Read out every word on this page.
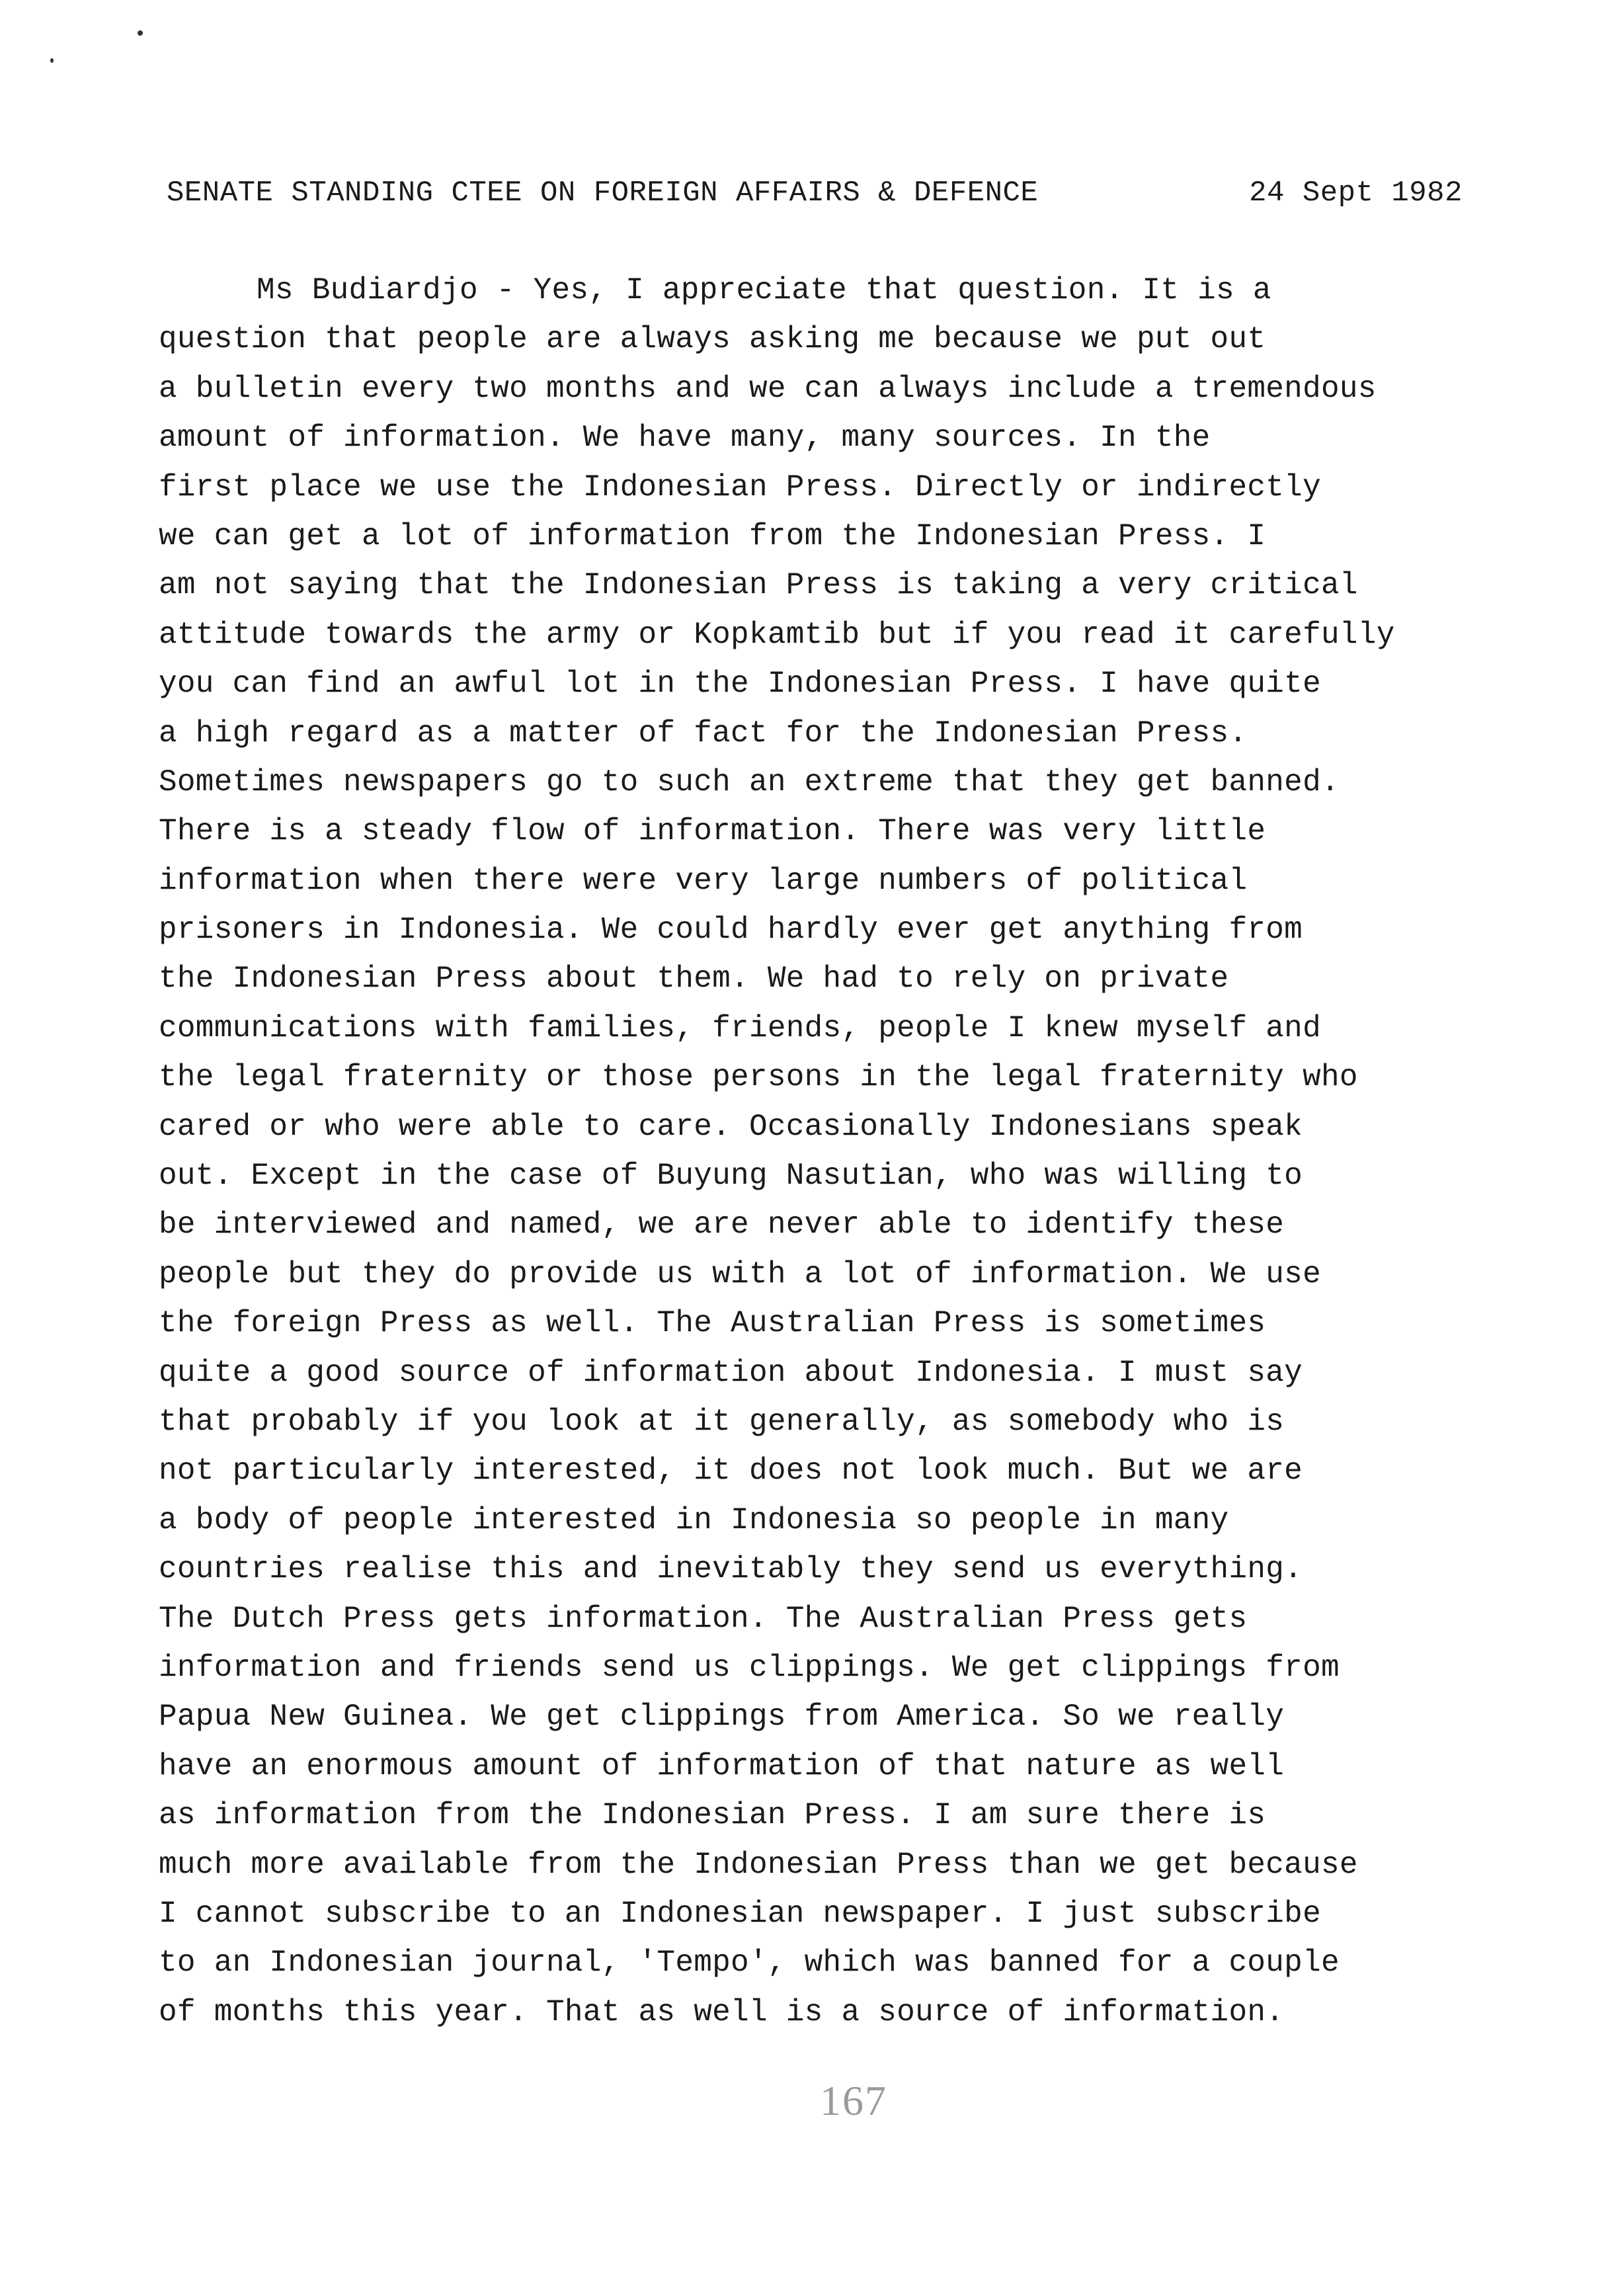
SENATE STANDING CTEE ON FOREIGN AFFAIRS & DEFENCE	24 Sept 1982
Ms Budiardjo - Yes, I appreciate that question. It is a
question that people are always asking me because we put out
a bulletin every two months and we can always include a tremendous
amount of information. We have many, many sources. In the
first place we use the Indonesian Press. Directly or indirectly
we can get a lot of information from the Indonesian Press. I
am not saying that the Indonesian Press is taking a very critical
attitude towards the army or Kopkamtib but if you read it carefully
you can find an awful lot in the Indonesian Press. I have quite
a high regard as a matter of fact for the Indonesian Press.
Sometimes newspapers go to such an extreme that they get banned.
There is a steady flow of information. There was very little
information when there were very large numbers of political
prisoners in Indonesia. We could hardly ever get anything from
the Indonesian Press about them. We had to rely on private
communications with families, friends, people I knew myself and
the legal fraternity or those persons in the legal fraternity who
cared or who were able to care. Occasionally Indonesians speak
out. Except in the case of Buyung Nasutian, who was willing to
be interviewed and named, we are never able to identify these
people but they do provide us with a lot of information. We use
the foreign Press as well. The Australian Press is sometimes
quite a good source of information about Indonesia. I must say
that probably if you look at it generally, as somebody who is
not particularly interested, it does not look much. But we are
a body of people interested in Indonesia so people in many
countries realise this and inevitably they send us everything.
The Dutch Press gets information. The Australian Press gets
information and friends send us clippings. We get clippings from
Papua New Guinea. We get clippings from America. So we really
have an enormous amount of information of that nature as well
as information from the Indonesian Press. I am sure there is
much more available from the Indonesian Press than we get because
I cannot subscribe to an Indonesian newspaper. I just subscribe
to an Indonesian journal, 'Tempo', which was banned for a couple
of months this year. That as well is a source of information.
167
